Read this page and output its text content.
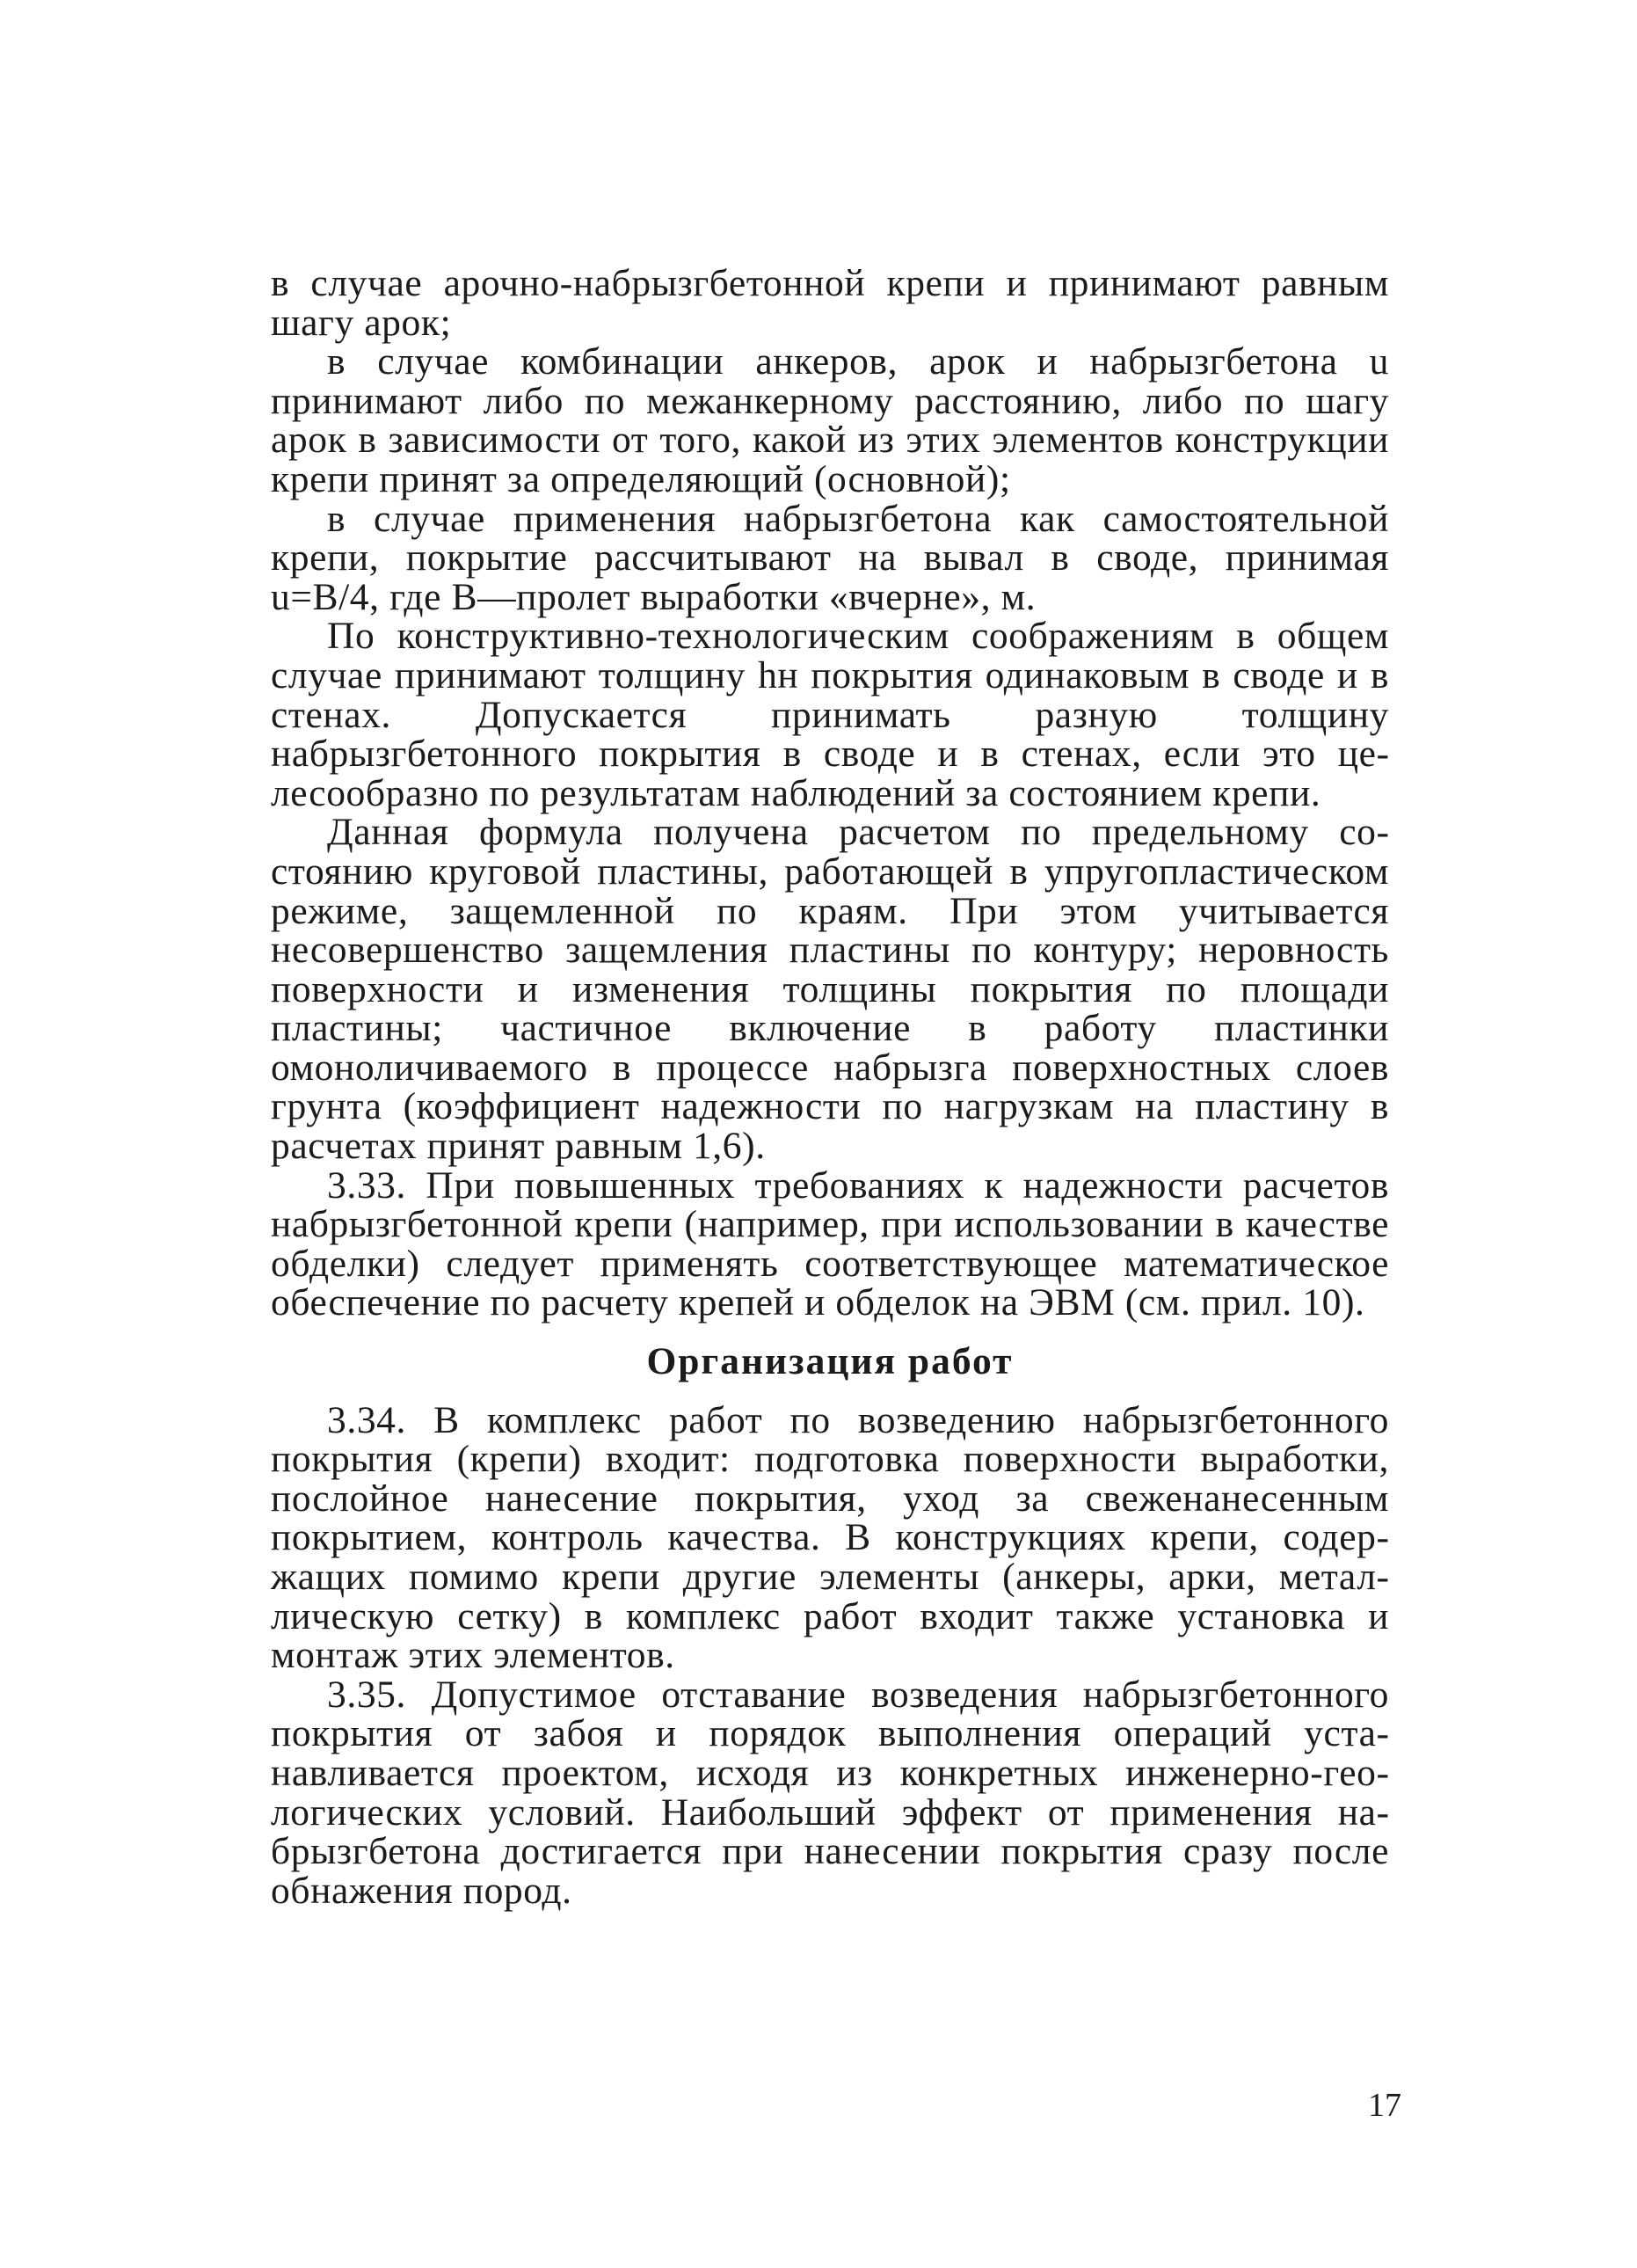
в случае арочно-набрызгбетонной крепи и принимают равным шагу арок;

в случае комбинации анкеров, арок и набрызгбетона u принимают либо по межанкерному расстоянию, либо по шагу арок в зависимости от того, какой из этих элементов конструкции крепи принят за определяющий (основной);

в случае применения набрызгбетона как самостоятельной крепи, покрытие рассчитывают на вывал в своде, принимая u=B/4, где B—пролет выработки «вчерне», м.

По конструктивно-технологическим соображениям в общем случае принимают толщину hн покрытия одинаковым в своде и в стенах. Допускается принимать разную толщину набрызгбетонного покрытия в своде и в стенах, если это целесообразно по результатам наблюдений за состоянием крепи.

Данная формула получена расчетом по предельному состоянию круговой пластины, работающей в упругопластическом режиме, защемленной по краям. При этом учитывается несовершенство защемления пластины по контуру; неровность поверхности и изменения толщины покрытия по площади пластины; частичное включение в работу пластинки омоноличиваемого в процессе набрызга поверхностных слоев грунта (коэффициент надежности по нагрузкам на пластину в расчетах принят равным 1,6).

3.33. При повышенных требованиях к надежности расчетов набрызгбетонной крепи (например, при использовании в качестве обделки) следует применять соответствующее математическое обеспечение по расчету крепей и обделок на ЭВМ (см. прил. 10).

Организация работ

3.34. В комплекс работ по возведению набрызгбетонного покрытия (крепи) входит: подготовка поверхности выработки, послойное нанесение покрытия, уход за свеженанесенным покрытием, контроль качества. В конструкциях крепи, содержащих помимо крепи другие элементы (анкеры, арки, металлическую сетку) в комплекс работ входит также установка и монтаж этих элементов.

3.35. Допустимое отставание возведения набрызгбетонного покрытия от забоя и порядок выполнения операций устанавливается проектом, исходя из конкретных инженерно-геологических условий. Наибольший эффект от применения набрызгбетона достигается при нанесении покрытия сразу после обнажения пород.

17
